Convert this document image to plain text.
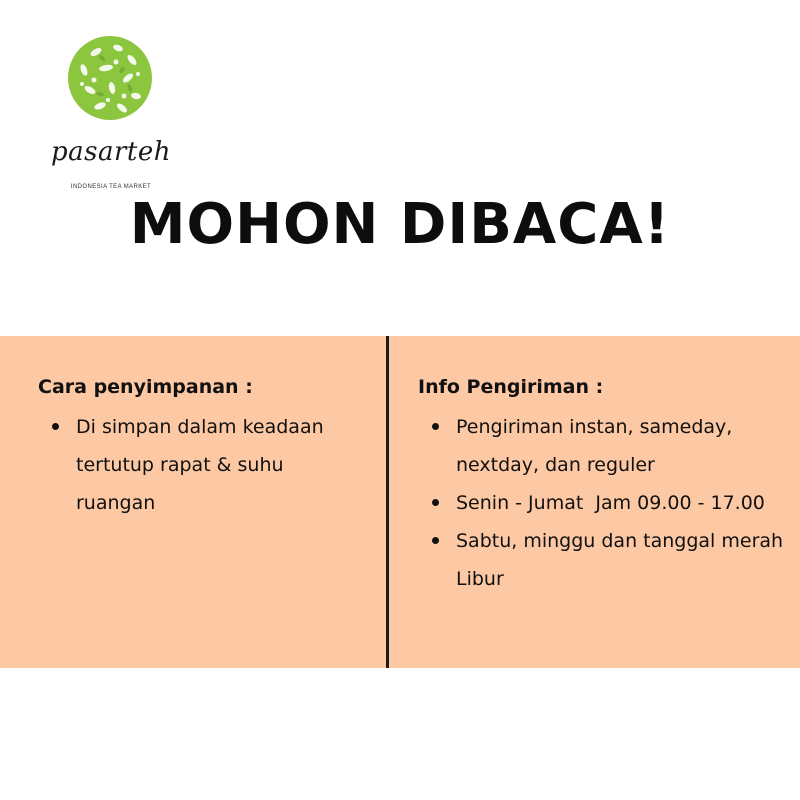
pasarteh
INDONESIA TEA MARKET
MOHON DIBACA!
Cara penyimpanan :
Di simpan dalam keadaan tertutup rapat & suhu ruangan
Info Pengiriman :
Pengiriman instan, sameday, nextday, dan reguler
Senin - Jumat  Jam 09.00 - 17.00
Sabtu, minggu dan tanggal merah Libur
